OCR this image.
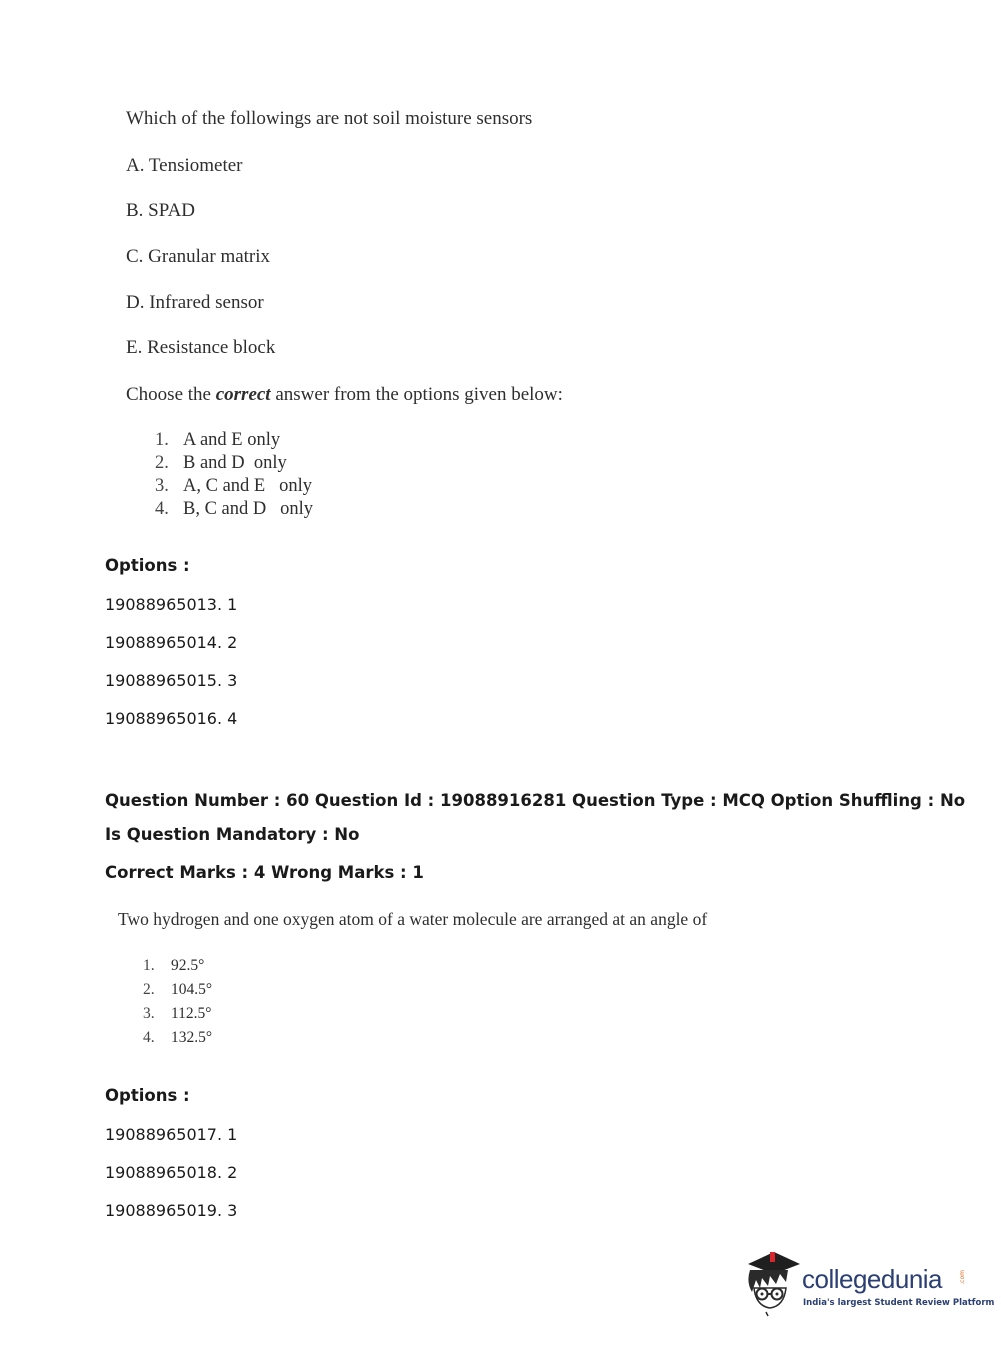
Which of the followings are not soil moisture sensors
A. Tensiometer
B. SPAD
C. Granular matrix
D. Infrared sensor
E. Resistance block
Choose the correct answer from the options given below:
1. A and E only
2. B and D  only
3. A, C and E   only
4. B, C and D   only
Options :
19088965013. 1
19088965014. 2
19088965015. 3
19088965016. 4
Question Number : 60 Question Id : 19088916281 Question Type : MCQ Option Shuffling : No
Is Question Mandatory : No
Correct Marks : 4 Wrong Marks : 1
Two hydrogen and one oxygen atom of a water molecule are arranged at an angle of
1. 92.5°
2. 104.5°
3. 112.5°
4. 132.5°
Options :
19088965017. 1
19088965018. 2
19088965019. 3
collegedunia	.com
India's largest Student Review Platform
